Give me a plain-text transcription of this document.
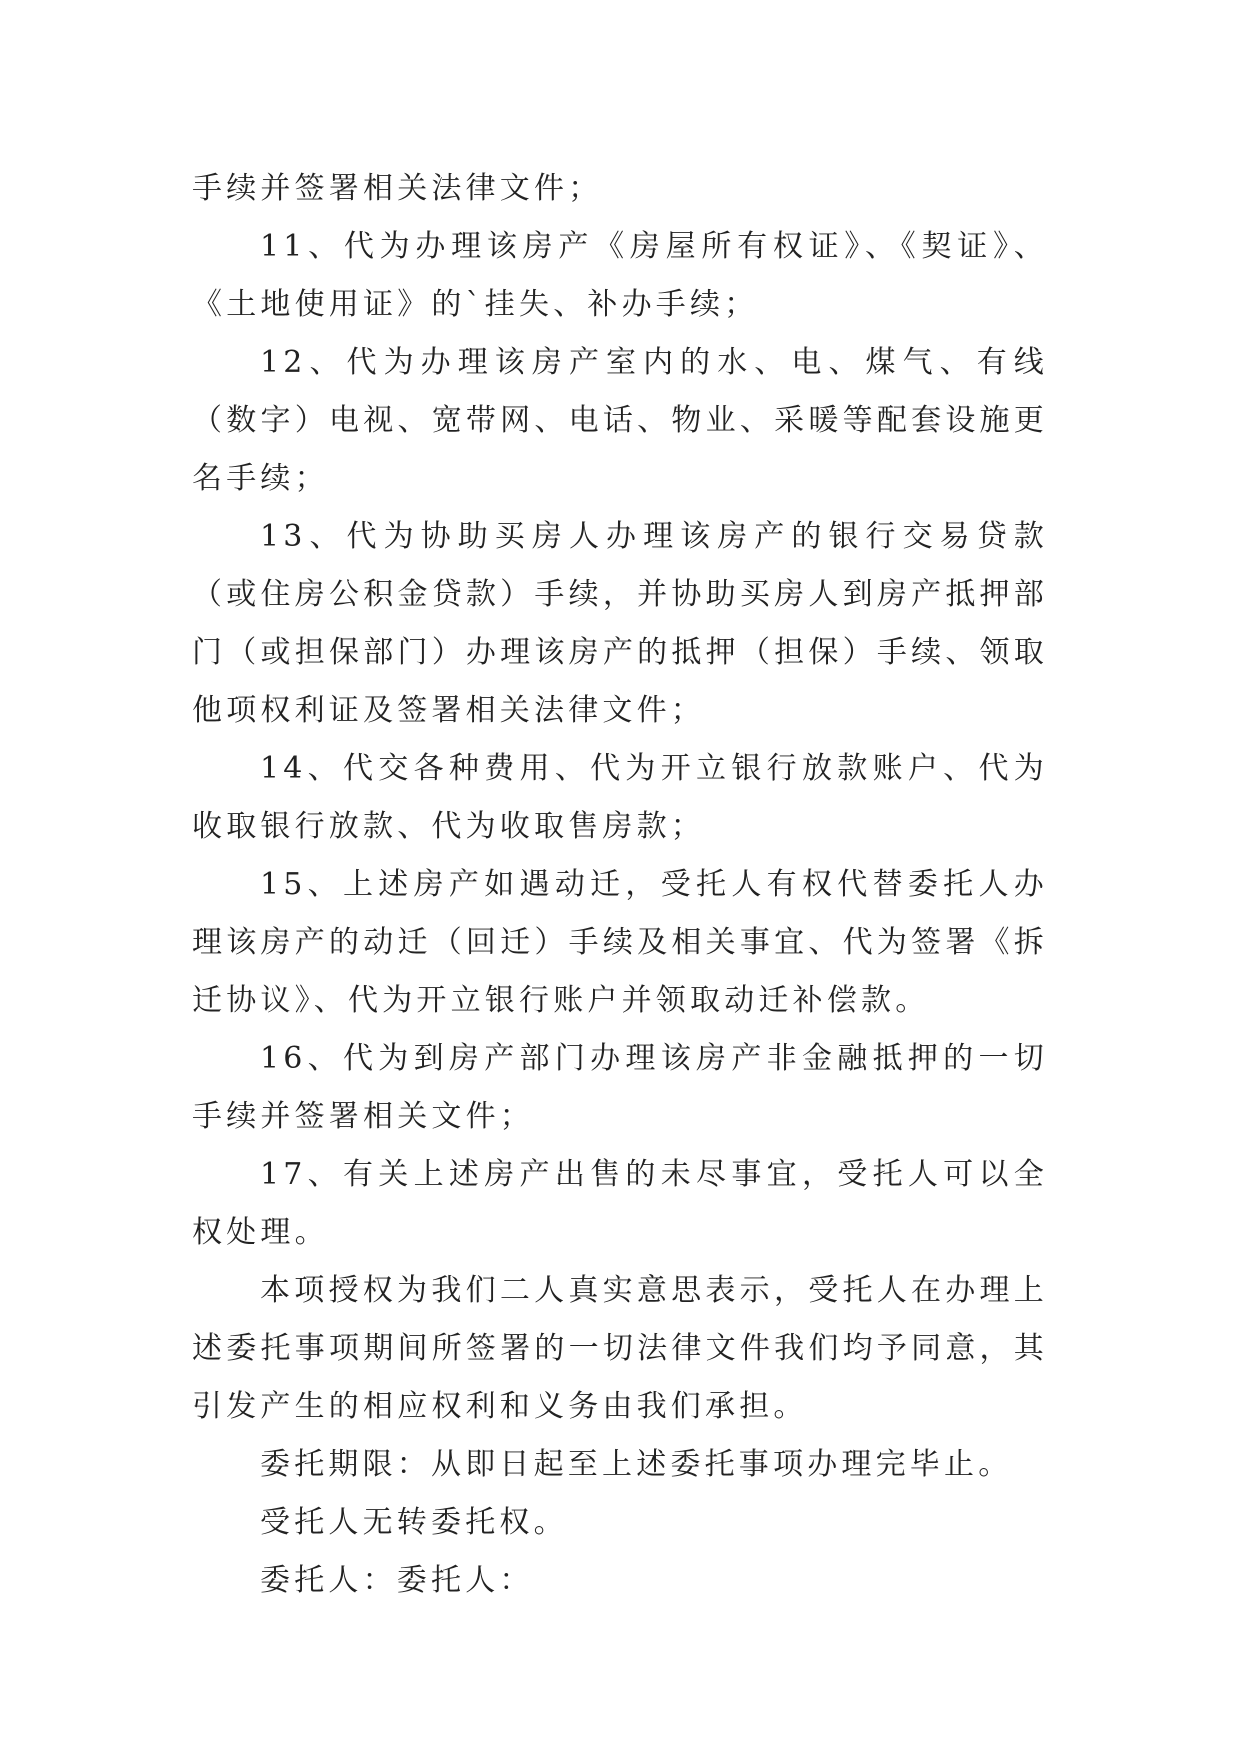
手续并签署相关法律文件；

11、代为办理该房产《房屋所有权证》、《契证》、《土地使用证》的`挂失、补办手续；

12、代为办理该房产室内的水、电、煤气、有线（数字）电视、宽带网、电话、物业、采暖等配套设施更名手续；

13、代为协助买房人办理该房产的银行交易贷款（或住房公积金贷款）手续，并协助买房人到房产抵押部门（或担保部门）办理该房产的抵押（担保）手续、领取他项权利证及签署相关法律文件；

14、代交各种费用、代为开立银行放款账户、代为收取银行放款、代为收取售房款；

15、上述房产如遇动迁，受托人有权代替委托人办理该房产的动迁（回迁）手续及相关事宜、代为签署《拆迁协议》、代为开立银行账户并领取动迁补偿款。

16、代为到房产部门办理该房产非金融抵押的一切手续并签署相关文件；

17、有关上述房产出售的未尽事宜，受托人可以全权处理。

本项授权为我们二人真实意思表示，受托人在办理上述委托事项期间所签署的一切法律文件我们均予同意，其引发产生的相应权利和义务由我们承担。

委托期限：从即日起至上述委托事项办理完毕止。

受托人无转委托权。

委托人：委托人：
